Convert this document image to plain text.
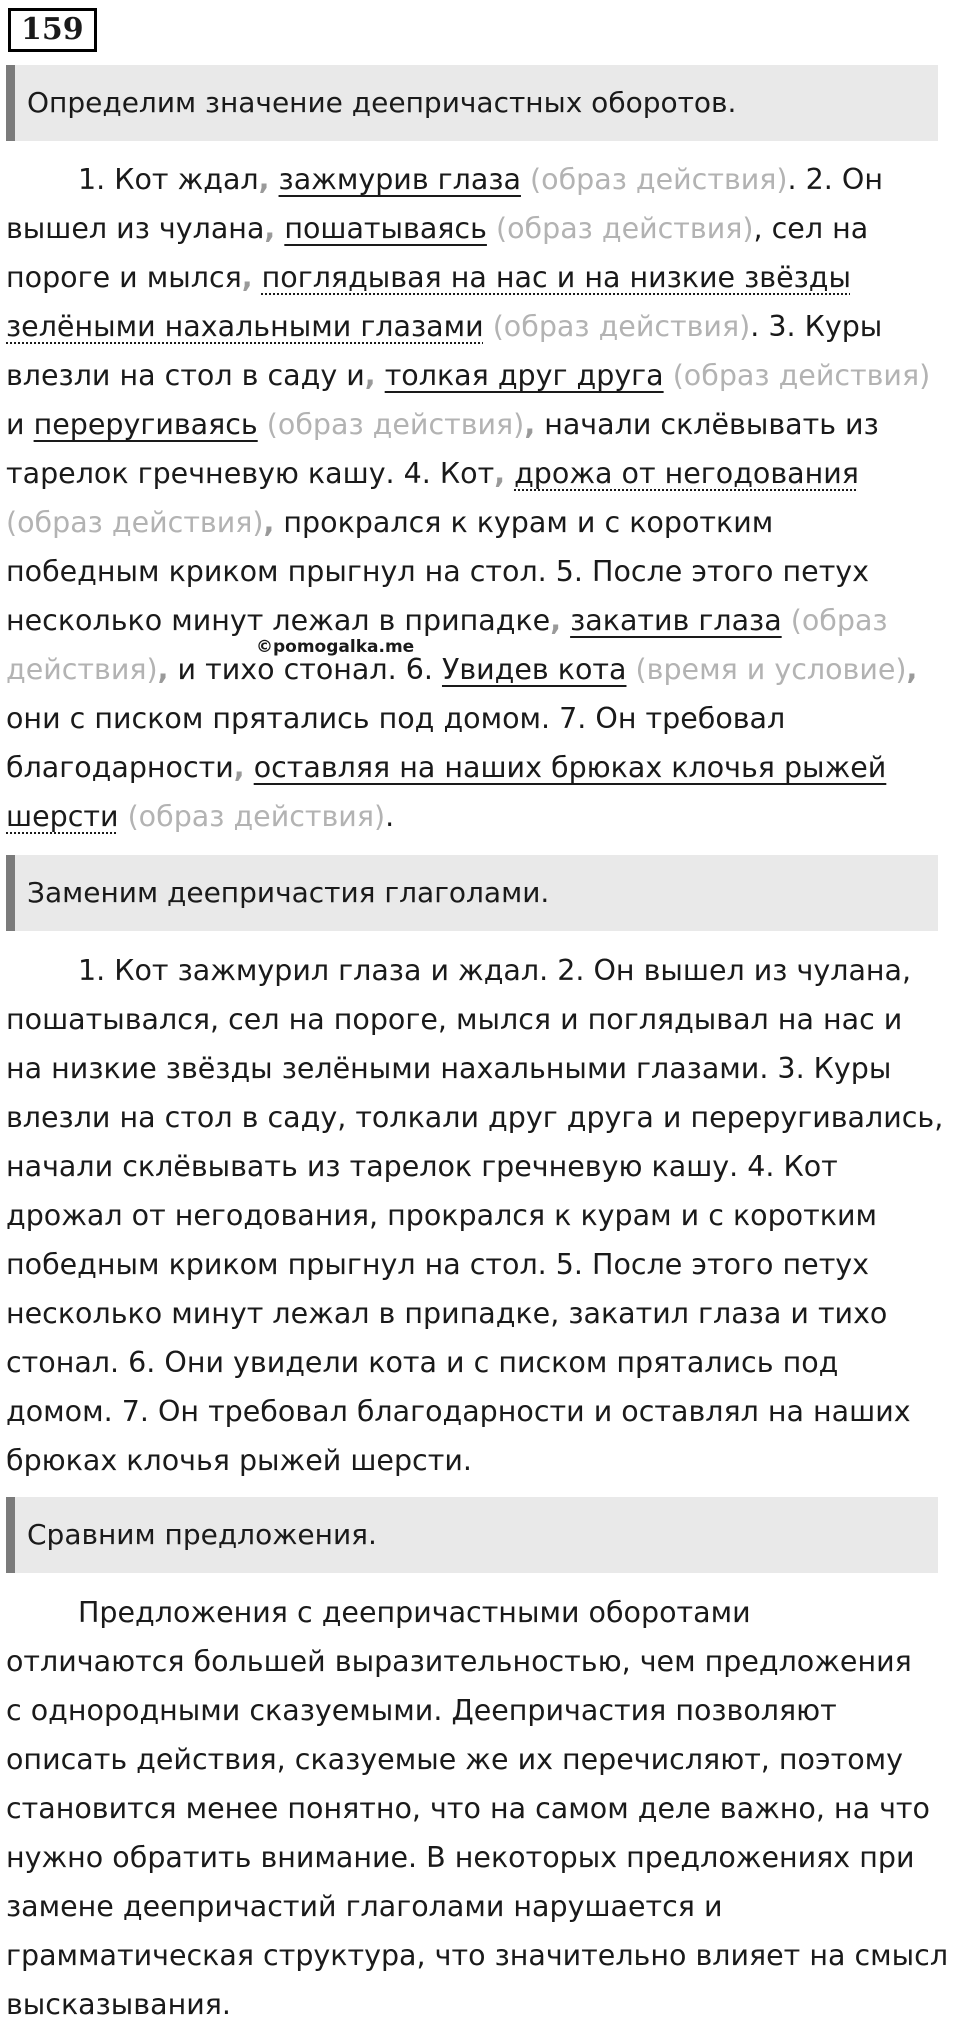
159
Определим значение деепричастных оборотов.
1. Кот ждал, зажмурив глаза (образ действия). 2. Он
вышел из чулана, пошатываясь (образ действия), сел на
пороге и мылся, поглядывая на нас и на низкие звёзды
зелёными нахальными глазами (образ действия). 3. Куры
влезли на стол в саду и, толкая друг друга (образ действия)
и переругиваясь (образ действия), начали склёвывать из
тарелок гречневую кашу. 4. Кот, дрожа от негодования
(образ действия), прокрался к курам и с коротким
победным криком прыгнул на стол. 5. После этого петух
несколько минут лежал в припадке, закатив глаза (образ
действия), и тихо стонал. 6. Увидев кота (время и условие),
они с писком прятались под домом. 7. Он требовал
благодарности, оставляя на наших брюках клочья рыжей
шерсти (образ действия).
©pomogalka.me
Заменим деепричастия глаголами.
1. Кот зажмурил глаза и ждал. 2. Он вышел из чулана,
пошатывался, сел на пороге, мылся и поглядывал на нас и
на низкие звёзды зелёными нахальными глазами. 3. Куры
влезли на стол в саду, толкали друг друга и переругивались,
начали склёвывать из тарелок гречневую кашу. 4. Кот
дрожал от негодования, прокрался к курам и с коротким
победным криком прыгнул на стол. 5. После этого петух
несколько минут лежал в припадке, закатил глаза и тихо
стонал. 6. Они увидели кота и с писком прятались под
домом. 7. Он требовал благодарности и оставлял на наших
брюках клочья рыжей шерсти.
Сравним предложения.
Предложения с деепричастными оборотами
отличаются большей выразительностью, чем предложения
с однородными сказуемыми. Деепричастия позволяют
описать действия, сказуемые же их перечисляют, поэтому
становится менее понятно, что на самом деле важно, на что
нужно обратить внимание. В некоторых предложениях при
замене деепричастий глаголами нарушается и
грамматическая структура, что значительно влияет на смысл
высказывания.
